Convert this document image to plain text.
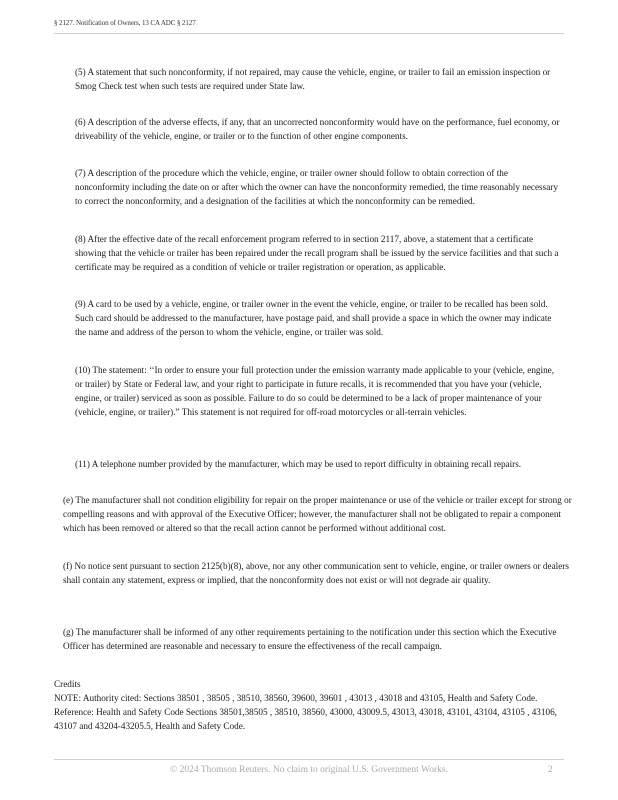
§ 2127. Notification of Owners, 13 CA ADC § 2127

(5) A statement that such nonconformity, if not repaired, may cause the vehicle, engine, or trailer to fail an emission inspection or Smog Check test when such tests are required under State law.

(6) A description of the adverse effects, if any, that an uncorrected nonconformity would have on the performance, fuel economy, or driveability of the vehicle, engine, or trailer or to the function of other engine components.

(7) A description of the procedure which the vehicle, engine, or trailer owner should follow to obtain correction of the nonconformity including the date on or after which the owner can have the nonconformity remedied, the time reasonably necessary to correct the nonconformity, and a designation of the facilities at which the nonconformity can be remedied.

(8) After the effective date of the recall enforcement program referred to in section 2117, above, a statement that a certificate showing that the vehicle or trailer has been repaired under the recall program shall be issued by the service facilities and that such a certificate may be required as a condition of vehicle or trailer registration or operation, as applicable.

(9) A card to be used by a vehicle, engine, or trailer owner in the event the vehicle, engine, or trailer to be recalled has been sold. Such card should be addressed to the manufacturer, have postage paid, and shall provide a space in which the owner may indicate the name and address of the person to whom the vehicle, engine, or trailer was sold.

(10) The statement: ‘‘In order to ensure your full protection under the emission warranty made applicable to your (vehicle, engine, or trailer) by State or Federal law, and your right to participate in future recalls, it is recommended that you have your (vehicle, engine, or trailer) serviced as soon as possible. Failure to do so could be determined to be a lack of proper maintenance of your (vehicle, engine, or trailer).” This statement is not required for off-road motorcycles or all-terrain vehicles.

(11) A telephone number provided by the manufacturer, which may be used to report difficulty in obtaining recall repairs.

(e) The manufacturer shall not condition eligibility for repair on the proper maintenance or use of the vehicle or trailer except for strong or compelling reasons and with approval of the Executive Officer; however, the manufacturer shall not be obligated to repair a component which has been removed or altered so that the recall action cannot be performed without additional cost.

(f) No notice sent pursuant to section 2125(b)(8), above, nor any other communication sent to vehicle, engine, or trailer owners or dealers shall contain any statement, express or implied, that the nonconformity does not exist or will not degrade air quality.

(g) The manufacturer shall be informed of any other requirements pertaining to the notification under this section which the Executive Officer has determined are reasonable and necessary to ensure the effectiveness of the recall campaign.

Credits

NOTE: Authority cited: Sections 38501 , 38505 , 38510, 38560, 39600, 39601 , 43013 , 43018 and 43105, Health and Safety Code. Reference: Health and Safety Code Sections 38501,38505 , 38510, 38560, 43000, 43009.5, 43013, 43018, 43101, 43104, 43105 , 43106, 43107 and 43204-43205.5, Health and Safety Code.

© 2024 Thomson Reuters. No claim to original U.S. Government Works.	2
